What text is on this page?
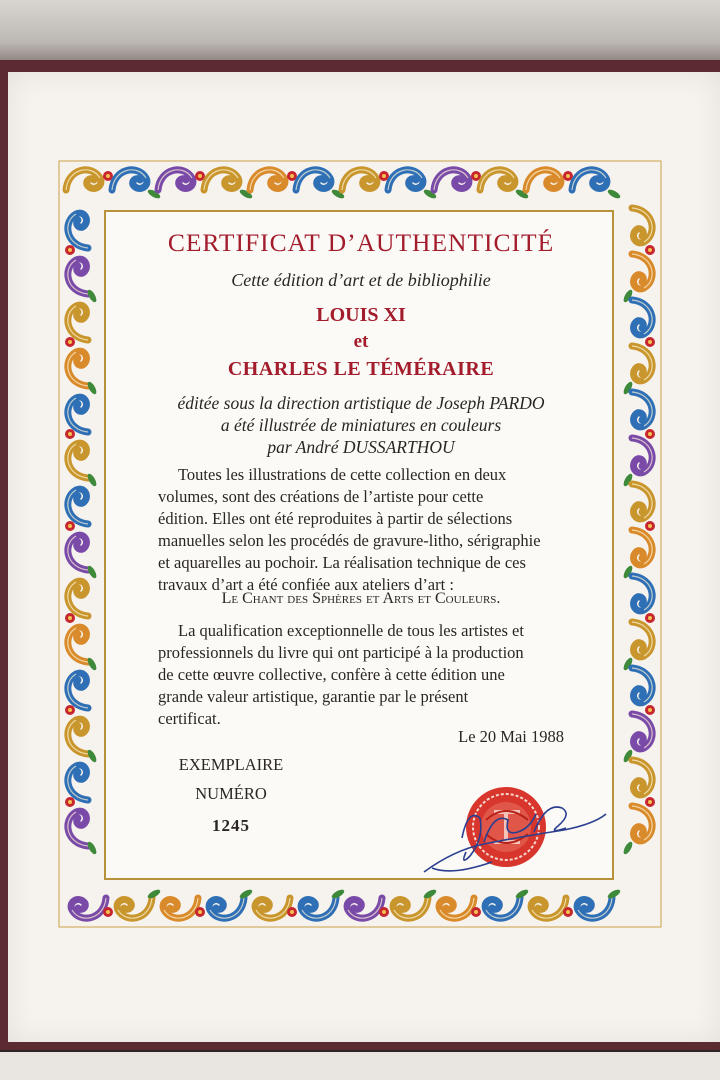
CERTIFICAT D’AUTHENTICITÉ
Cette édition d’art et de bibliophilie
LOUIS XI
et
CHARLES LE TÉMÉRAIRE
éditée sous la direction artistique de Joseph PARDO
a été illustrée de miniatures en couleurs
par André DUSSARTHOU
Toutes les illustrations de cette collection en deux
volumes, sont des créations de l’artiste pour cette
édition. Elles ont été reproduites à partir de sélections
manuelles selon les procédés de gravure-litho, sérigraphie
et aquarelles au pochoir. La réalisation technique de ces
travaux d’art a été confiée aux ateliers d’art :
Le Chant des Sphères et Arts et Couleurs.
La qualification exceptionnelle de tous les artistes et
professionnels du livre qui ont participé à la production
de cette œuvre collective, confère à cette édition une
grande valeur artistique, garantie par le présent
certificat.
Le 20 Mai 1988
EXEMPLAIRE
NUMÉRO
1245
